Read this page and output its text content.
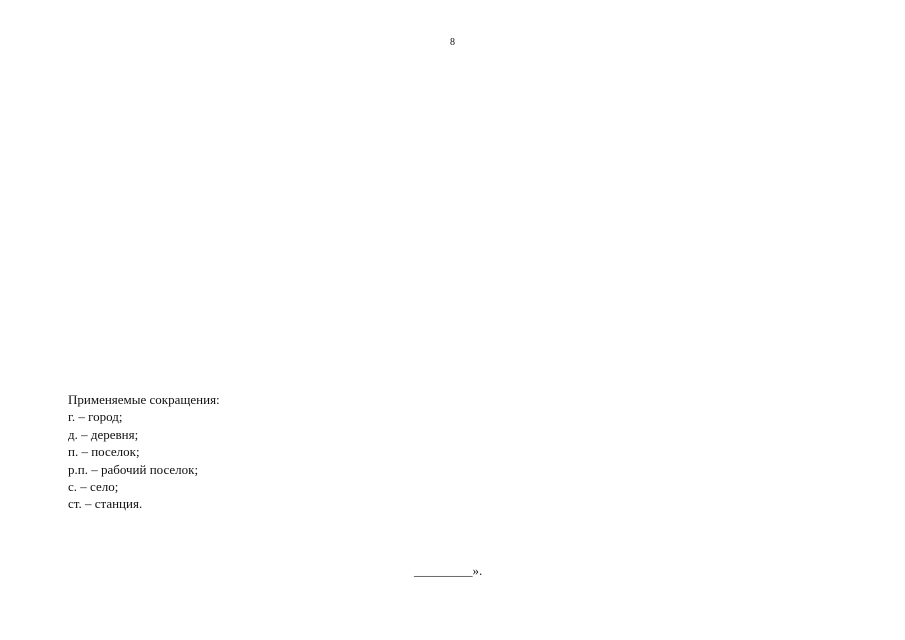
8
Применяемые сокращения:
г. – город;
д. – деревня;
п. – поселок;
р.п. – рабочий поселок;
с. – село;
ст. – станция.
_________».
